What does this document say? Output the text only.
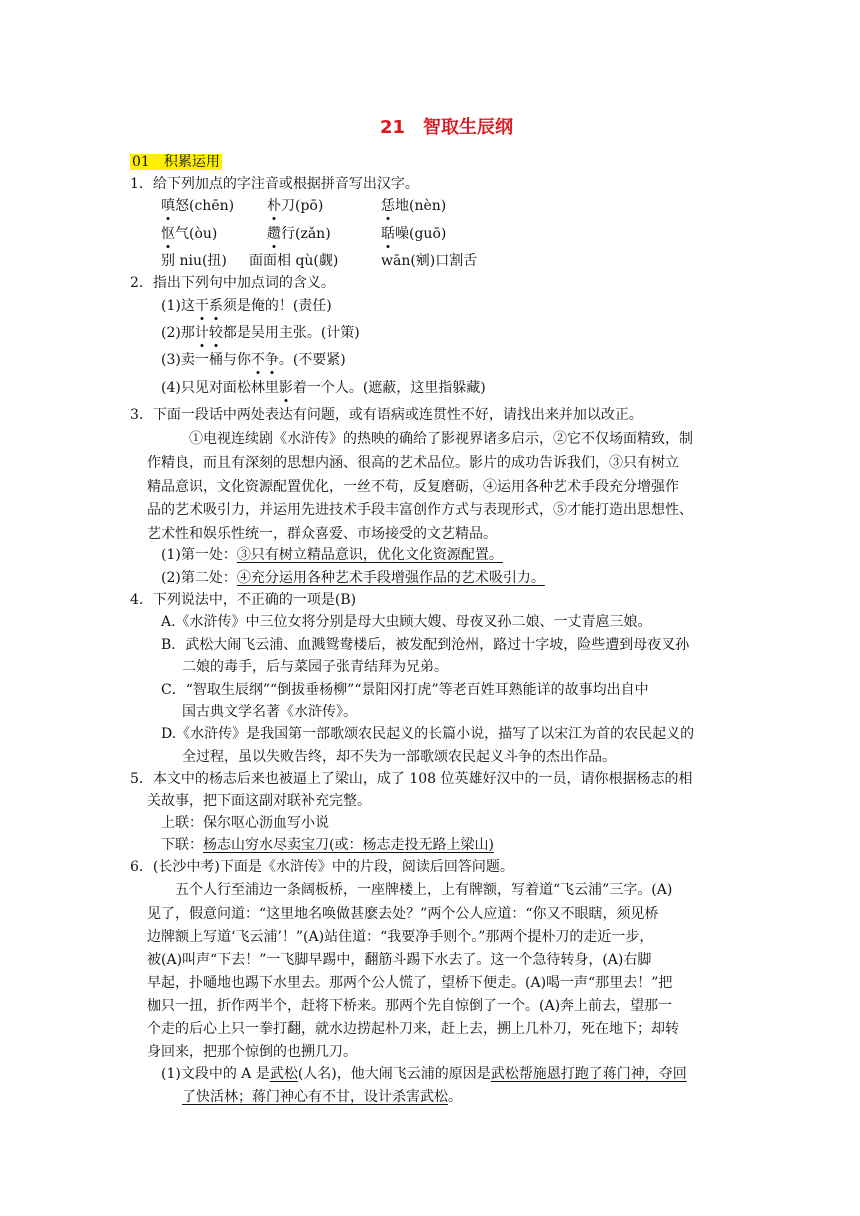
21　智取生辰纲
01　积累运用
1．给下列加点的字注音或根据拼音写出汉字。
嗔怒(chēn) 朴刀(pō)	恁地(nèn)
怄气(òu)	趱行(zǎn)	聒噪(guō)
别 niu(扭) 面面相 qù(觑)	wān(剜)口割舌
2．指出下列句中加点词的含义。
(1)这干系须是俺的！(责任)
(2)那计较都是吴用主张。(计策)
(3)卖一桶与你不争。(不要紧)
(4)只见对面松林里影着一个人。(遮蔽，这里指躲藏)
3．下面一段话中两处表达有问题，或有语病或连贯性不好，请找出来并加以改正。
①电视连续剧《水浒传》的热映的确给了影视界诸多启示，②它不仅场面精致，制
作精良，而且有深刻的思想内涵、很高的艺术品位。影片的成功告诉我们，③只有树立
精品意识，文化资源配置优化，一丝不苟，反复磨砺，④运用各种艺术手段充分增强作
品的艺术吸引力，并运用先进技术手段丰富创作方式与表现形式，⑤才能打造出思想性、
艺术性和娱乐性统一，群众喜爱、市场接受的文艺精品。
(1)第一处：③只有树立精品意识，优化文化资源配置。
(2)第二处：④充分运用各种艺术手段增强作品的艺术吸引力。
4．下列说法中，不正确的一项是(B)
A.《水浒传》中三位女将分别是母大虫顾大嫂、母夜叉孙二娘、一丈青扈三娘。
B．武松大闹飞云浦、血溅鸳鸯楼后，被发配到沧州，路过十字坡，险些遭到母夜叉孙
二娘的毒手，后与菜园子张青结拜为兄弟。
C．“智取生辰纲”“倒拔垂杨柳”“景阳冈打虎”等老百姓耳熟能详的故事均出自中
国古典文学名著《水浒传》。
D.《水浒传》是我国第一部歌颂农民起义的长篇小说，描写了以宋江为首的农民起义的
全过程，虽以失败告终，却不失为一部歌颂农民起义斗争的杰出作品。
5．本文中的杨志后来也被逼上了梁山，成了 108 位英雄好汉中的一员，请你根据杨志的相
关故事，把下面这副对联补充完整。
上联：保尔呕心沥血写小说
下联：杨志山穷水尽卖宝刀(或：杨志走投无路上梁山)
6．(长沙中考)下面是《水浒传》中的片段，阅读后回答问题。
五个人行至浦边一条阔板桥，一座牌楼上，上有牌额，写着道“飞云浦”三字。(A)
见了，假意问道：“这里地名唤做甚麽去处？”两个公人应道：“你又不眼瞎，须见桥
边牌额上写道‘飞云浦’！”(A)站住道：“我要净手则个。”那两个提朴刀的走近一步，
被(A)叫声“下去！”一飞脚早踢中，翻筋斗踢下水去了。这一个急待转身，(A)右脚
早起，扑嗵地也踢下水里去。那两个公人慌了，望桥下便走。(A)喝一声“那里去！”把
枷只一扭，折作两半个，赶将下桥来。那两个先自惊倒了一个。(A)奔上前去，望那一
个走的后心上只一拳打翻，就水边捞起朴刀来，赶上去，搠上几朴刀，死在地下；却转
身回来，把那个惊倒的也搠几刀。
(1)文段中的 A 是武松(人名)，他大闹飞云浦的原因是武松帮施恩打跑了蒋门神，夺回
了快活林；蒋门神心有不甘，设计杀害武松。
